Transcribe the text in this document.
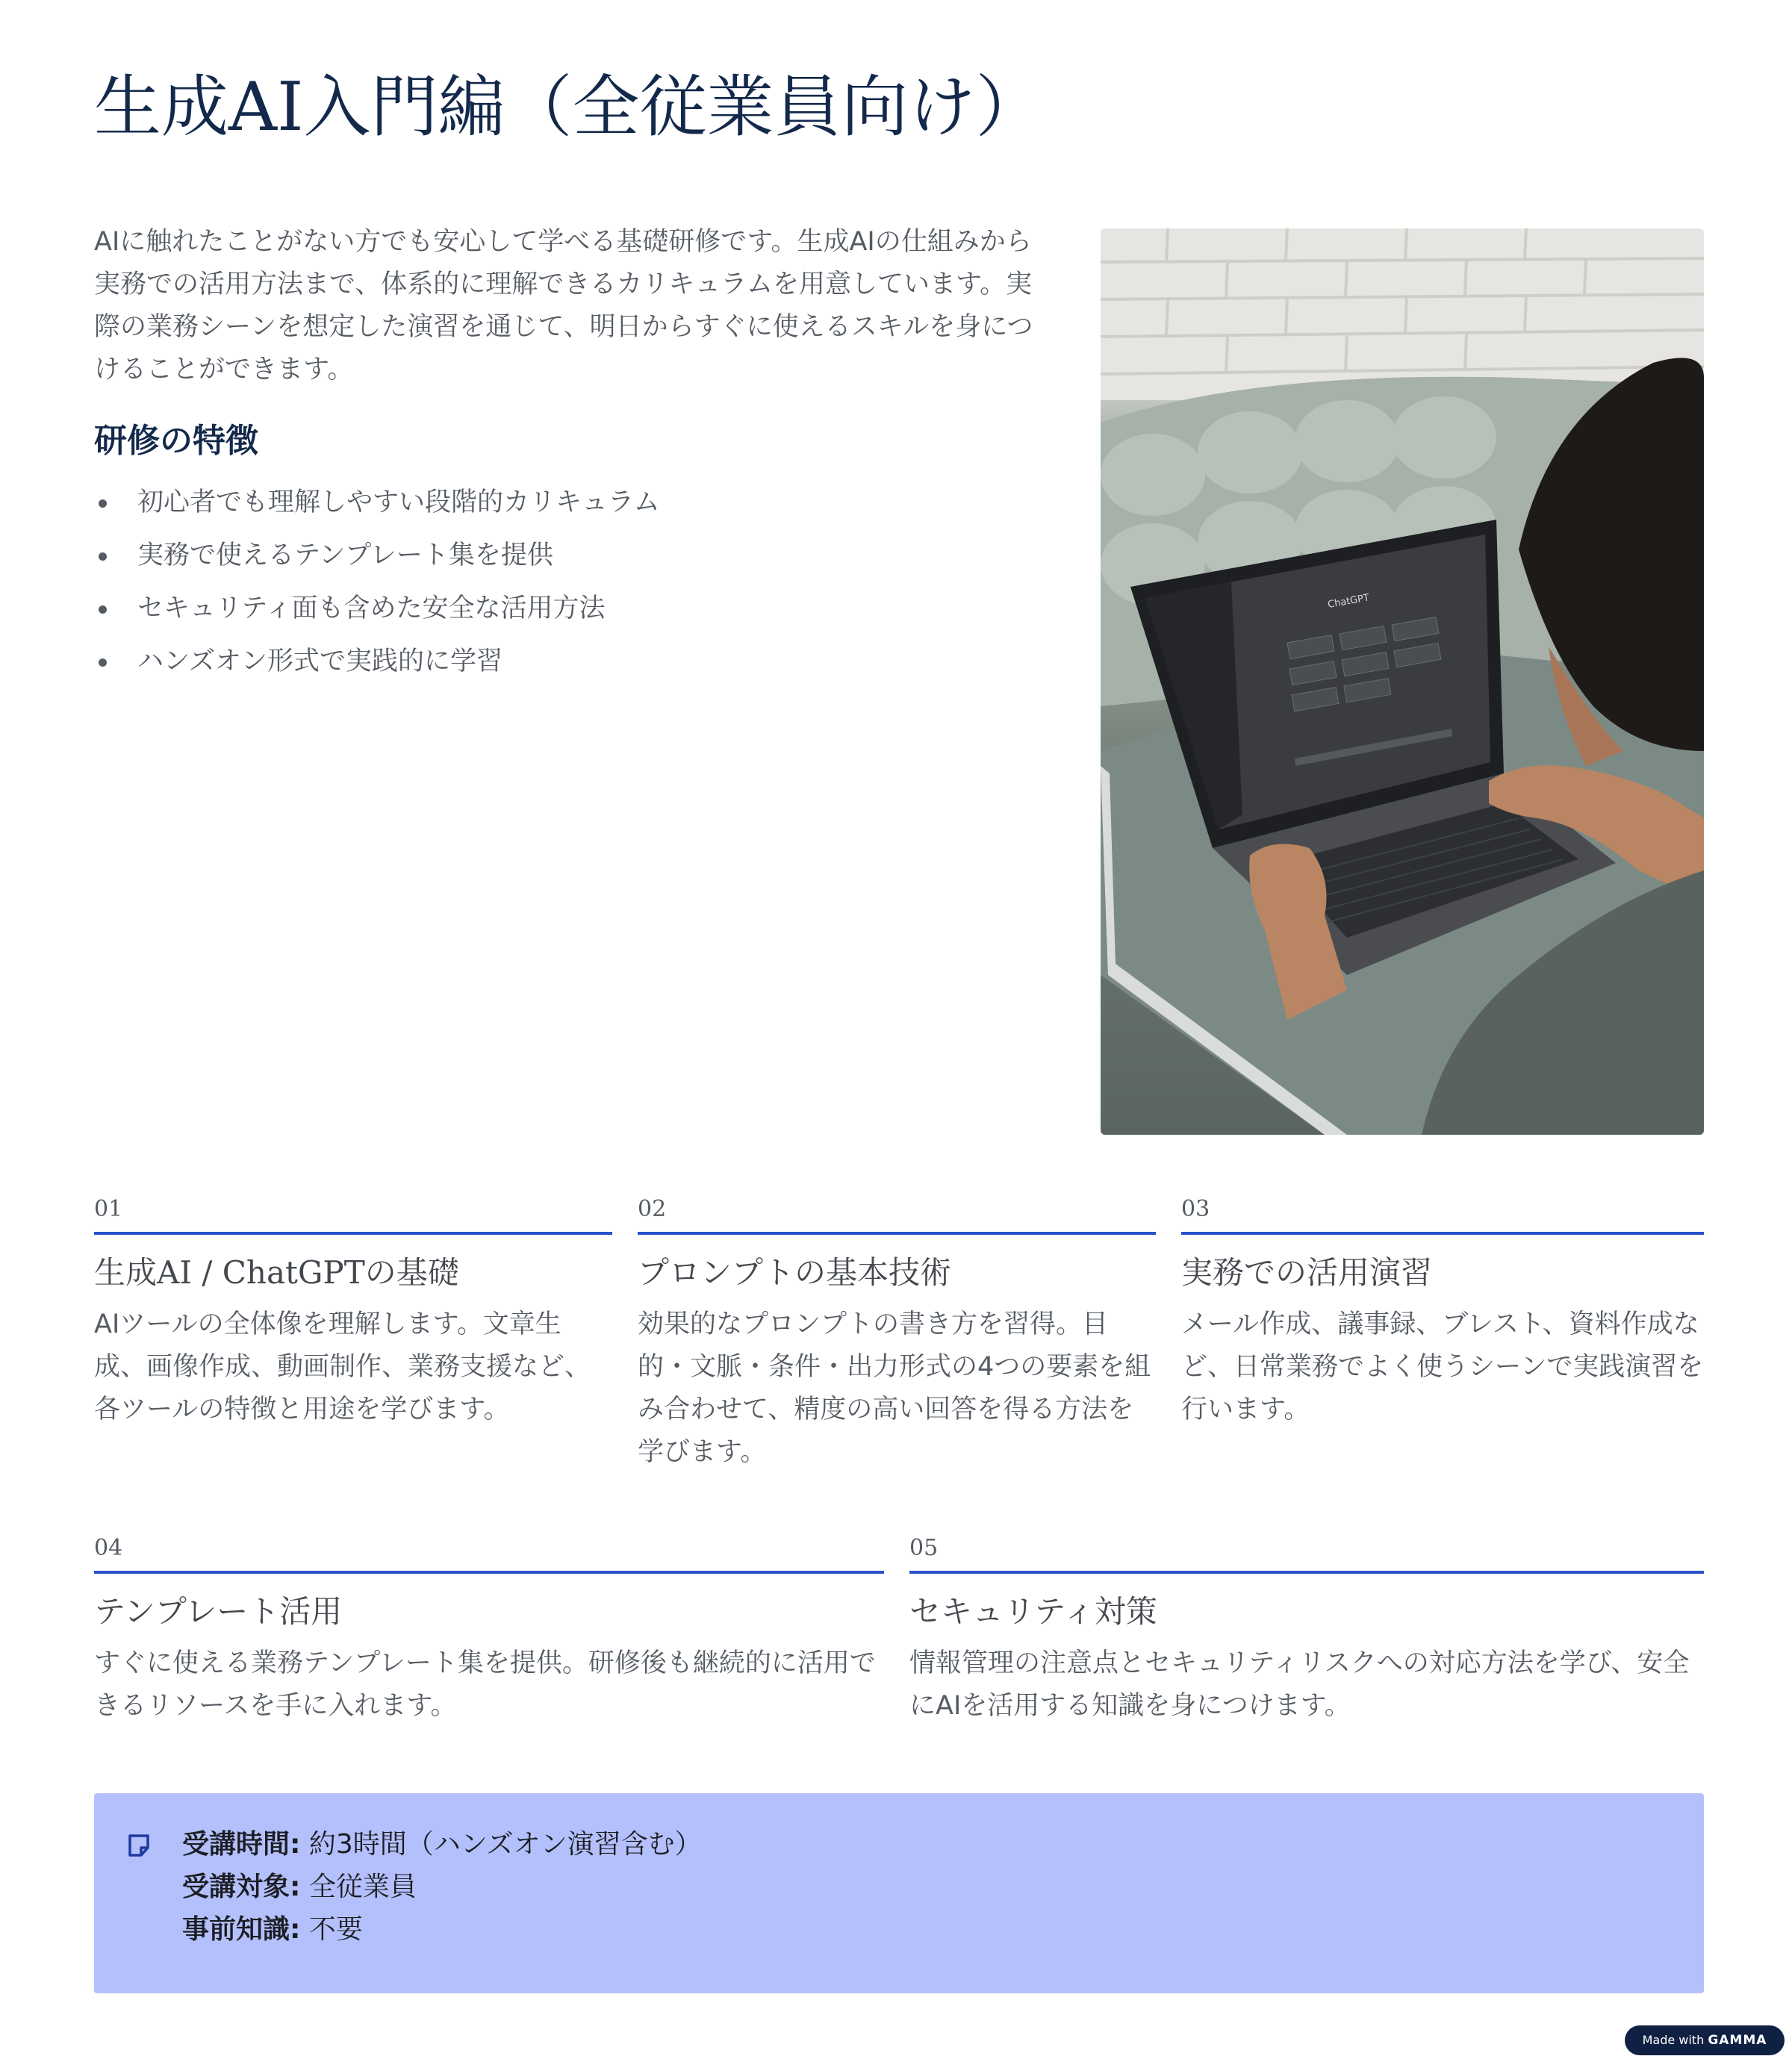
生成AI入門編（全従業員向け）

AIに触れたことがない方でも安心して学べる基礎研修です。生成AIの仕組みから実務での活用方法まで、体系的に理解できるカリキュラムを用意しています。実際の業務シーンを想定した演習を通じて、明日からすぐに使えるスキルを身につけることができます。

研修の特徴
初心者でも理解しやすい段階的カリキュラム
実務で使えるテンプレート集を提供
セキュリティ面も含めた安全な活用方法
ハンズオン形式で実践的に学習
ChatGPT
01
生成AI / ChatGPTの基礎

AIツールの全体像を理解します。文章生成、画像作成、動画制作、業務支援など、各ツールの特徴と用途を学びます。

02
プロンプトの基本技術

効果的なプロンプトの書き方を習得。目的・文脈・条件・出力形式の4つの要素を組み合わせて、精度の高い回答を得る方法を学びます。

03
実務での活用演習

メール作成、議事録、ブレスト、資料作成など、日常業務でよく使うシーンで実践演習を行います。

04
テンプレート活用

すぐに使える業務テンプレート集を提供。研修後も継続的に活用できるリソースを手に入れます。

05
セキュリティ対策

情報管理の注意点とセキュリティリスクへの対応方法を学び、安全にAIを活用する知識を身につけます。

受講時間: 約3時間（ハンズオン演習含む）
受講対象: 全従業員
事前知識: 不要
Made with GAMMA
